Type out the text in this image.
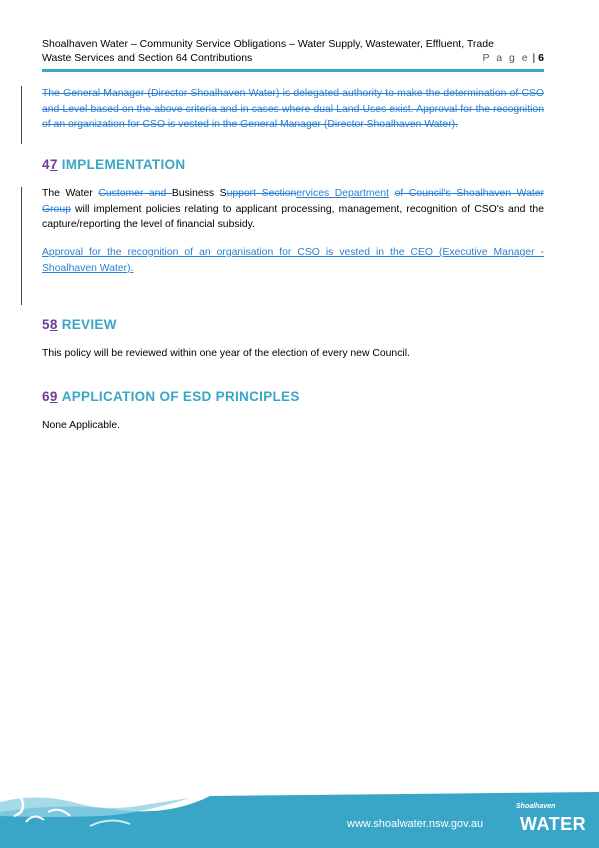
Shoalhaven Water – Community Service Obligations – Water Supply, Wastewater, Effluent, Trade
Waste Services and Section 64 Contributions	P a g e | 6
The General Manager (Director Shoalhaven Water) is delegated authority to make the determination of CSO and Level based on the above criteria and in cases where dual Land Uses exist. Approval for the recognition of an organization for CSO is vested in the General Manager (Director Shoalhaven Water).
47 IMPLEMENTATION
The Water Customer and Business Support Sectionervices Department of Council's Shoalhaven Water Group will implement policies relating to applicant processing, management, recognition of CSO's and the capture/reporting the level of financial subsidy.
Approval for the recognition of an organisation for CSO is vested in the CEO (Executive Manager - Shoalhaven Water).
58 REVIEW
This policy will be reviewed within one year of the election of every new Council.
69 APPLICATION OF ESD PRINCIPLES
None Applicable.
www.shoalwater.nsw.gov.au
Shoalhaven
WATER
